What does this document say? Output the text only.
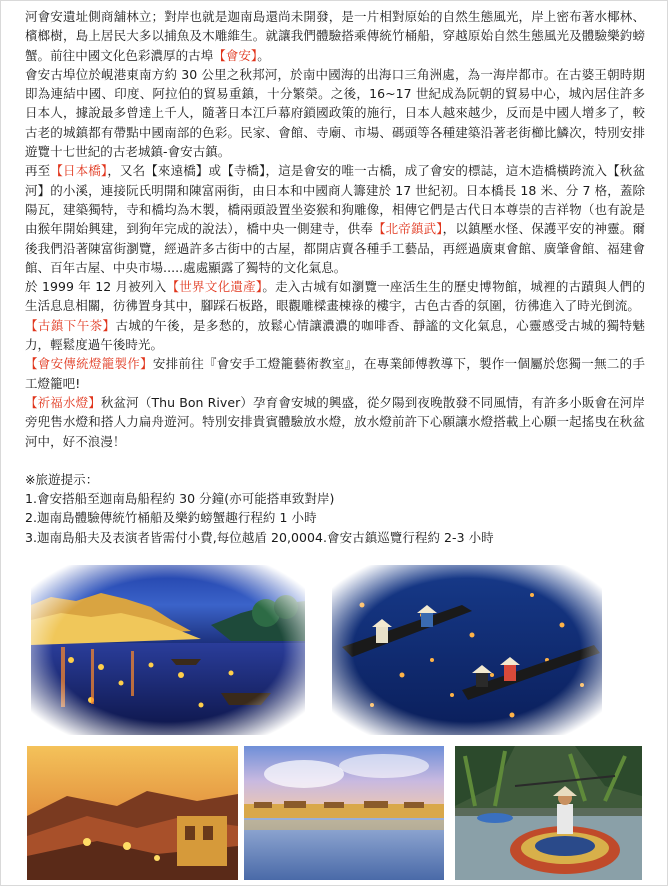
河會安遺址側商舖林立；對岸也就是迦南島還尚未開發，是一片相對原始的自然生態風光，岸上密布著水椰林、檳榔樹，島上居民大多以捕魚及木雕維生。就讓我們體驗搭乘傳統竹桶船，穿越原始自然生態風光及體驗樂釣螃蟹。前往中國文化色彩濃厚的古埠【會安】。

會安古埠位於峴港東南方約 30 公里之秋邦河，於南中國海的出海口三角洲處，為一海岸都市。在古婆王朝時期即為連結中國、印度、阿拉伯的貿易重鎮，十分繁榮。之後，16~17 世紀成為阮朝的貿易中心，城內居住許多日本人，據說最多曾達上千人，隨著日本江戶幕府鎖國政策的施行，日本人越來越少，反而是中國人增多了，較古老的城鎮都有帶點中國南部的色彩。民家、會館、寺廟、市場、碼頭等各種建築沿著老街櫛比鱗次，特別安排遊覽十七世紀的古老城鎮-會安古鎮。

再至【日本橋】，又名【來遠橋】或【寺橋】，這是會安的唯一古橋，成了會安的標誌，這木造橋橫跨流入【秋盆河】的小溪，連接阮氏明開和陳富兩街，由日本和中國商人籌建於 17 世紀初。日本橋長 18 米、分 7 格，蓋除陽瓦，建築獨特，寺和橋均為木製，橋兩頭設置坐姿猴和狗雕像，相傳它們是古代日本尊崇的吉祥物（也有說是由猴年開始興建，到狗年完成的說法），橋中央一側建寺，供奉【北帝鎮武】，以鎮壓水怪、保護平安的神靈。爾後我們沿著陳富街瀏覽，經過許多古街中的古屋，都開店賣各種手工藝品，再經過廣東會館、廣肇會館、福建會館、百年古屋、中央市場.....處處顯露了獨特的文化氣息。

於 1999 年 12 月被列入【世界文化遺產】。走入古城有如瀏覽一座活生生的歷史博物館，城裡的古蹟與人們的生活息息相關，彷彿置身其中，腳踩石板路，眼觀雕樑畫棟祿的樓宇，古色古香的氛圍，彷彿進入了時光倒流。

【古鎮下午茶】古城的午後，是多愁的，放鬆心情讓濃濃的咖啡香、靜謐的文化氣息，心靈感受古城的獨特魅力，輕鬆度過午後時光。

【會安傳統燈籠製作】安排前往『會安手工燈籠藝術教室』，在專業師傅教導下，製作一個屬於您獨一無二的手工燈籠吧!

【祈福水燈】秋盆河（Thu Bon River）孕育會安城的興盛，從夕陽到夜晚散發不同風情，有許多小販會在河岸旁兜售水燈和搭人力扁舟遊河。特別安排貴賓體驗放水燈，放水燈前許下心願讓水燈搭載上心願一起搖曳在秋盆河中，好不浪漫！

※旅遊提示：
1.會安搭船至迦南島船程約 30 分鐘(亦可能搭車致對岸)
2.迦南島體驗傳統竹桶船及樂釣螃蟹趣行程約 1 小時
3.迦南島船夫及表演者皆需付小費,每位越盾 20,0004.會安古鎮巡覽行程約 2-3 小時
